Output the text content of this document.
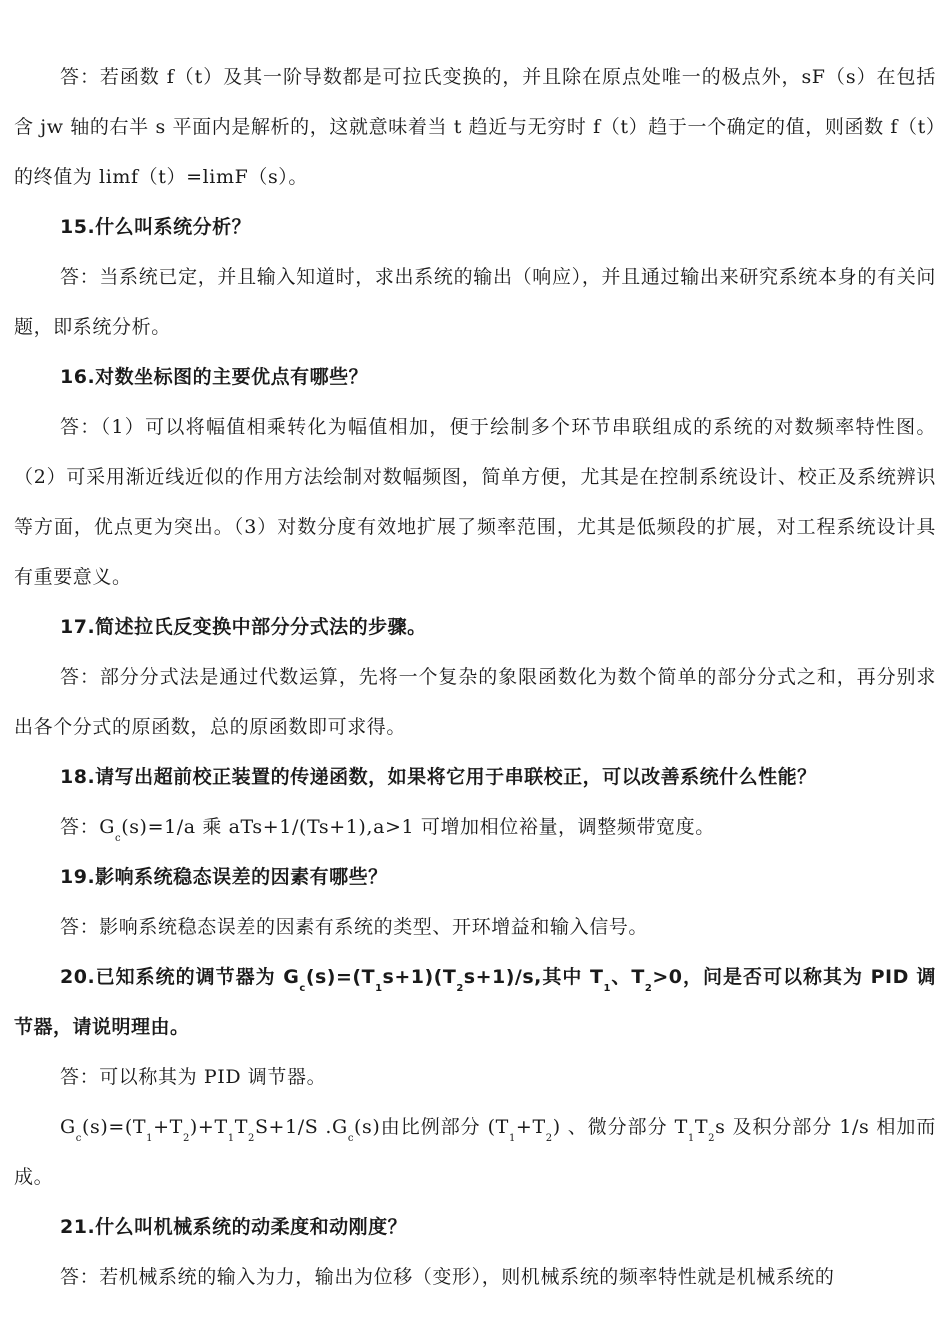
答：若函数 f（t）及其一阶导数都是可拉氏变换的，并且除在原点处唯一的极点外，sF（s）在包括含 jw 轴的右半 s 平面内是解析的，这就意味着当 t 趋近与无穷时 f（t）趋于一个确定的值，则函数 f（t）的终值为 limf（t）=limF（s）。

15.什么叫系统分析？

答：当系统已定，并且输入知道时，求出系统的输出（响应），并且通过输出来研究系统本身的有关问题，即系统分析。

16.对数坐标图的主要优点有哪些？

答：（1）可以将幅值相乘转化为幅值相加，便于绘制多个环节串联组成的系统的对数频率特性图。（2）可采用渐近线近似的作用方法绘制对数幅频图，简单方便，尤其是在控制系统设计、校正及系统辨识等方面，优点更为突出。（3）对数分度有效地扩展了频率范围，尤其是低频段的扩展，对工程系统设计具有重要意义。

17.简述拉氏反变换中部分分式法的步骤。

答：部分分式法是通过代数运算，先将一个复杂的象限函数化为数个简单的部分分式之和，再分别求出各个分式的原函数，总的原函数即可求得。

18.请写出超前校正装置的传递函数，如果将它用于串联校正，可以改善系统什么性能？

答：$G_c(s)=1/a$ 乘 aTs+1/(Ts+1),a>1 可增加相位裕量，调整频带宽度。

19.影响系统稳态误差的因素有哪些？

答：影响系统稳态误差的因素有系统的类型、开环增益和输入信号。

20.已知系统的调节器为 $G_c(s)=(T_1s+1)(T_2s+1)/s$,其中 $T_1$、$T_2>0$，问是否可以称其为 PID 调节器，请说明理由。

答：可以称其为 PID 调节器。

$G_c(s)=(T_1+T_2)+T_1T_2S+1/S$ $.G_c(s)$由比例部分 $(T_1+T_2)$ 、微分部分 $T_1T_2s$ 及积分部分 1/s 相加而成。

21.什么叫机械系统的动柔度和动刚度？

答：若机械系统的输入为力，输出为位移（变形），则机械系统的频率特性就是机械系统的
